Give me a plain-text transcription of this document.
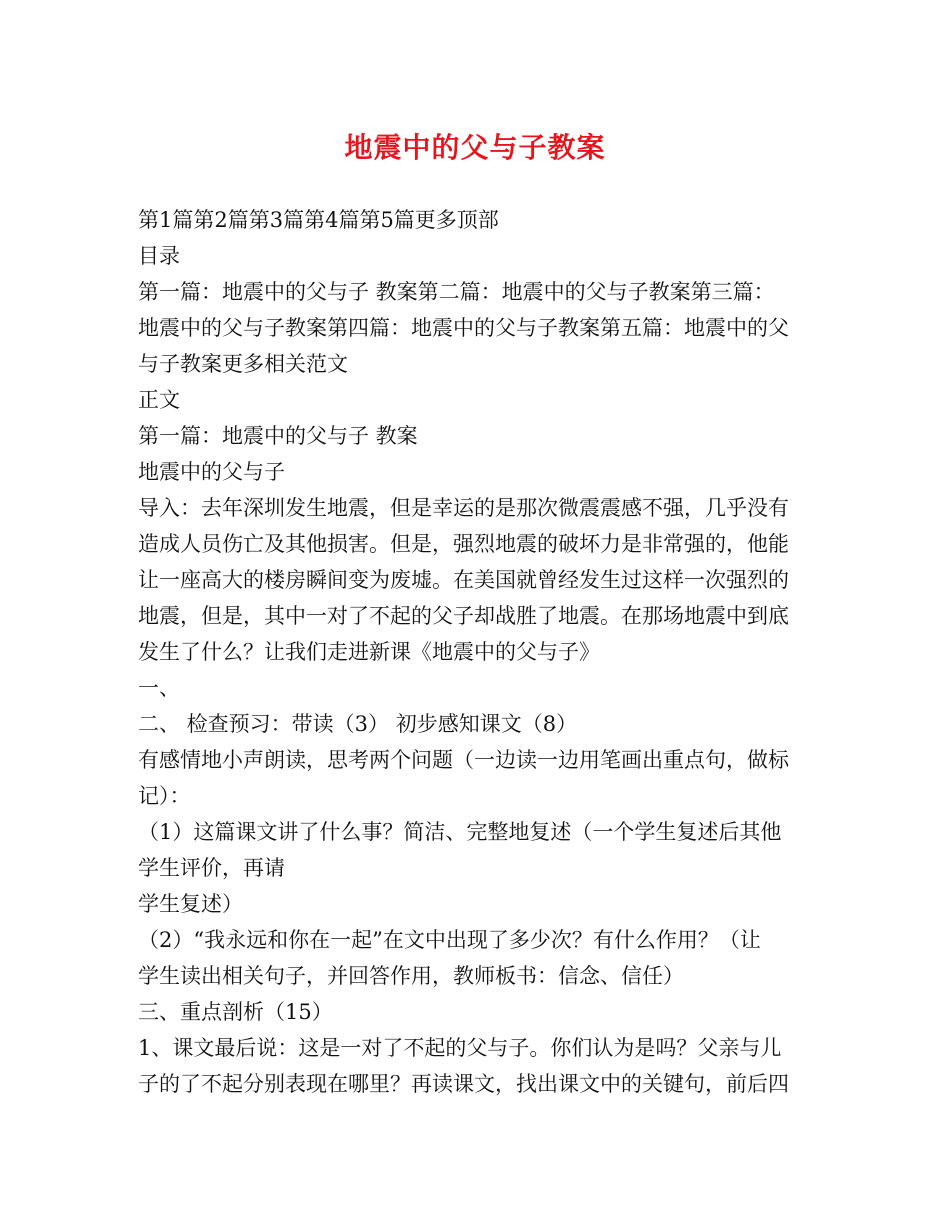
地震中的父与子教案
第1篇第2篇第3篇第4篇第5篇更多顶部
目录
第一篇：地震中的父与子 教案第二篇：地震中的父与子教案第三篇：
地震中的父与子教案第四篇：地震中的父与子教案第五篇：地震中的父
与子教案更多相关范文
正文
第一篇：地震中的父与子 教案
地震中的父与子
导入：去年深圳发生地震，但是幸运的是那次微震震感不强，几乎没有
造成人员伤亡及其他损害。但是，强烈地震的破坏力是非常强的，他能
让一座高大的楼房瞬间变为废墟。在美国就曾经发生过这样一次强烈的
地震，但是，其中一对了不起的父子却战胜了地震。在那场地震中到底
发生了什么？让我们走进新课《地震中的父与子》
一、
二、 检查预习：带读（3） 初步感知课文（8）
有感情地小声朗读，思考两个问题（一边读一边用笔画出重点句，做标
记）：
（1）这篇课文讲了什么事？简洁、完整地复述（一个学生复述后其他
学生评价，再请
学生复述）
（2）“我永远和你在一起”在文中出现了多少次？有什么作用？（让
学生读出相关句子，并回答作用，教师板书：信念、信任）
三、重点剖析（15）
1、课文最后说：这是一对了不起的父与子。你们认为是吗？父亲与儿
子的了不起分别表现在哪里？再读课文，找出课文中的关键句，前后四
